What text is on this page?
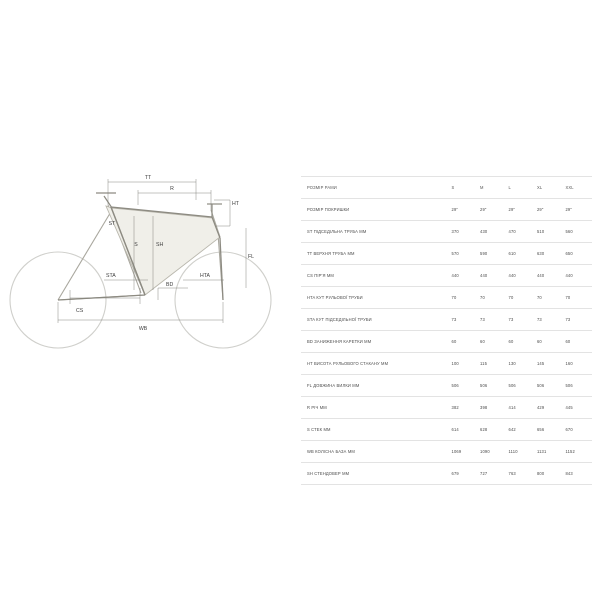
TT
R
HT
ST
S	SH
FL
STA	HTA
BD
CS
WB
РОЗМІР РАМИ	S	M	L	XL	XXL
РОЗМІР ПОКРИШКИ	29"	29"	29"	29"	29"
ST ПІДСЕДІЛЬНА ТРУБА ММ	370	430	470	510	560
TT ВЕРХНЯ ТРУБА ММ	570	590	610	630	650
CS ПІР'Я ММ	440	440	440	440	440
HTA КУТ РУЛЬОВОЇ ТРУБИ	70	70	70	70	70
STA КУТ ПІДСЕДІЛЬНОЇ ТРУБИ	73	73	73	73	73
BD ЗАНИЖЕННЯ КАРЕТКИ ММ	60	60	60	60	60
HT ВИСОТА РУЛЬОВОГО СТАКАНУ ММ	100	115	130	145	160
FL ДОВЖИНА ВИЛКИ ММ	506	506	506	506	506
R РІЧ ММ	382	398	414	429	445
S СТЕК ММ	614	628	642	656	670
WB КОЛІСНА БАЗА ММ	1069	1090	1110	1131	1152
SH СТЕНДОВЕР ММ	679	727	763	800	843
